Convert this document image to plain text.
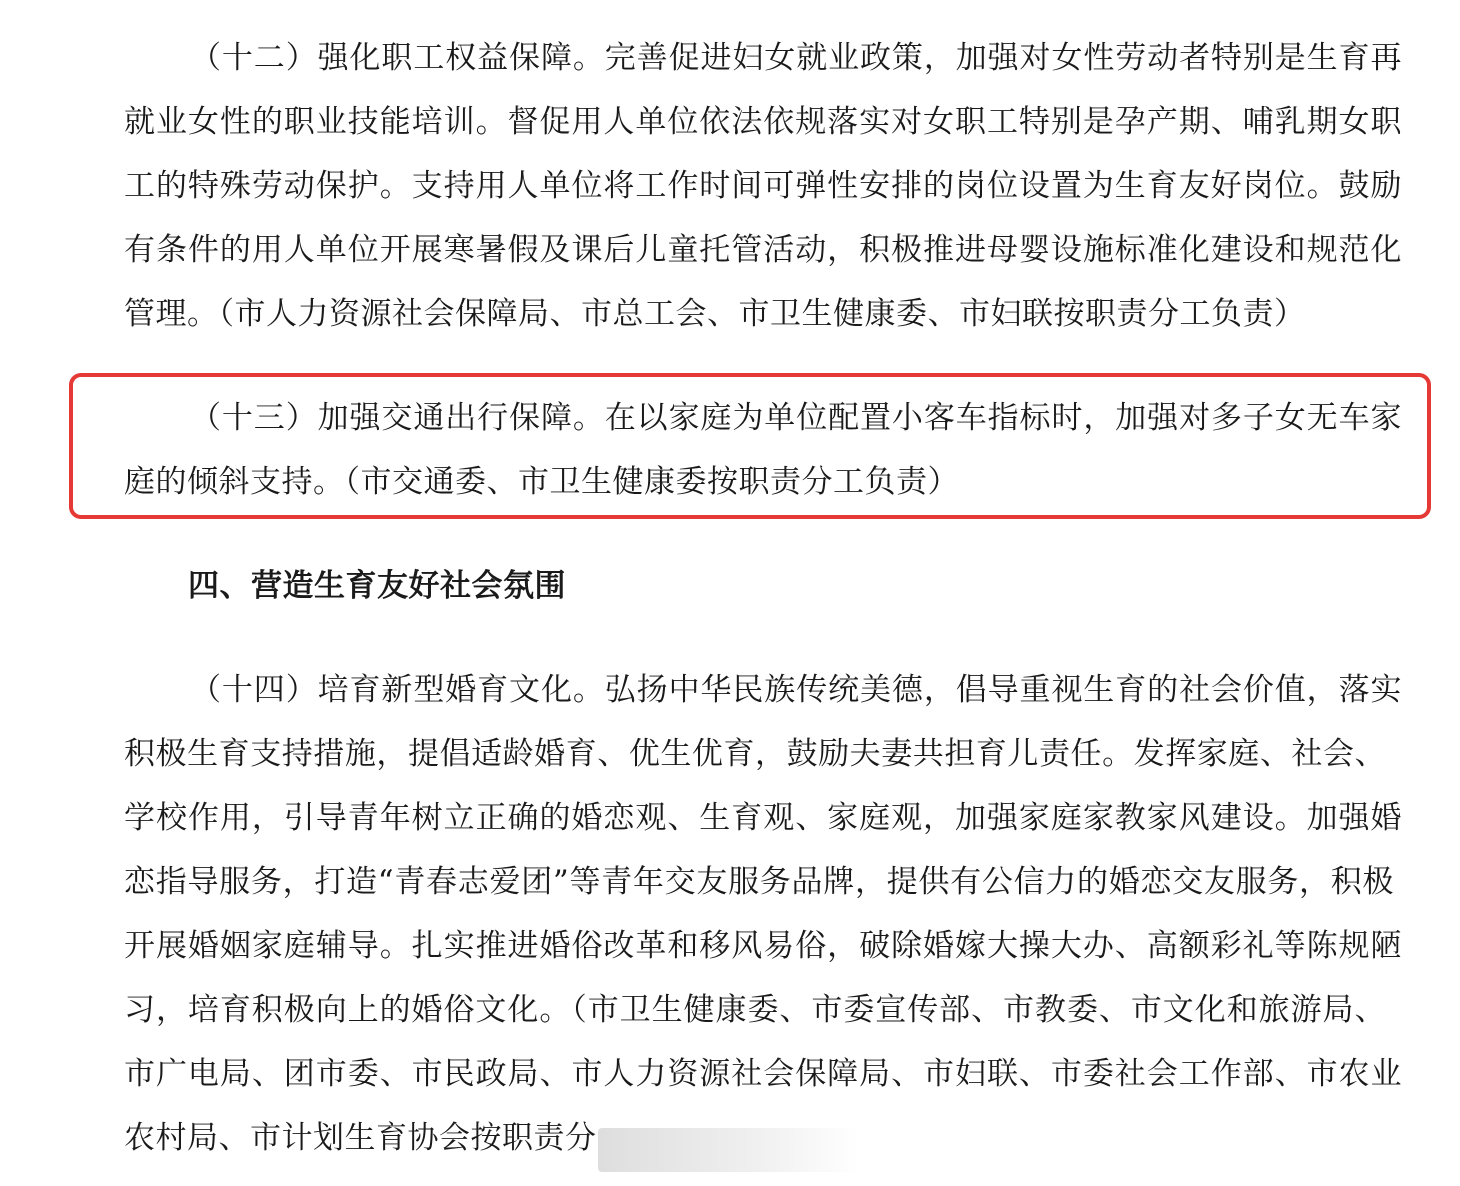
（十二）强化职工权益保障。完善促进妇女就业政策，加强对女性劳动者特别是生育再
就业女性的职业技能培训。督促用人单位依法依规落实对女职工特别是孕产期、哺乳期女职
工的特殊劳动保护。支持用人单位将工作时间可弹性安排的岗位设置为生育友好岗位。鼓励
有条件的用人单位开展寒暑假及课后儿童托管活动，积极推进母婴设施标准化建设和规范化
管理。（市人力资源社会保障局、市总工会、市卫生健康委、市妇联按职责分工负责）
（十三）加强交通出行保障。在以家庭为单位配置小客车指标时，加强对多子女无车家
庭的倾斜支持。（市交通委、市卫生健康委按职责分工负责）
四、营造生育友好社会氛围
（十四）培育新型婚育文化。弘扬中华民族传统美德，倡导重视生育的社会价值，落实
积极生育支持措施，提倡适龄婚育、优生优育，鼓励夫妻共担育儿责任。发挥家庭、社会、
学校作用，引导青年树立正确的婚恋观、生育观、家庭观，加强家庭家教家风建设。加强婚
恋指导服务，打造“青春志爱团”等青年交友服务品牌，提供有公信力的婚恋交友服务，积极
开展婚姻家庭辅导。扎实推进婚俗改革和移风易俗，破除婚嫁大操大办、高额彩礼等陈规陋
习，培育积极向上的婚俗文化。（市卫生健康委、市委宣传部、市教委、市文化和旅游局、
市广电局、团市委、市民政局、市人力资源社会保障局、市妇联、市委社会工作部、市农业
农村局、市计划生育协会按职责分
